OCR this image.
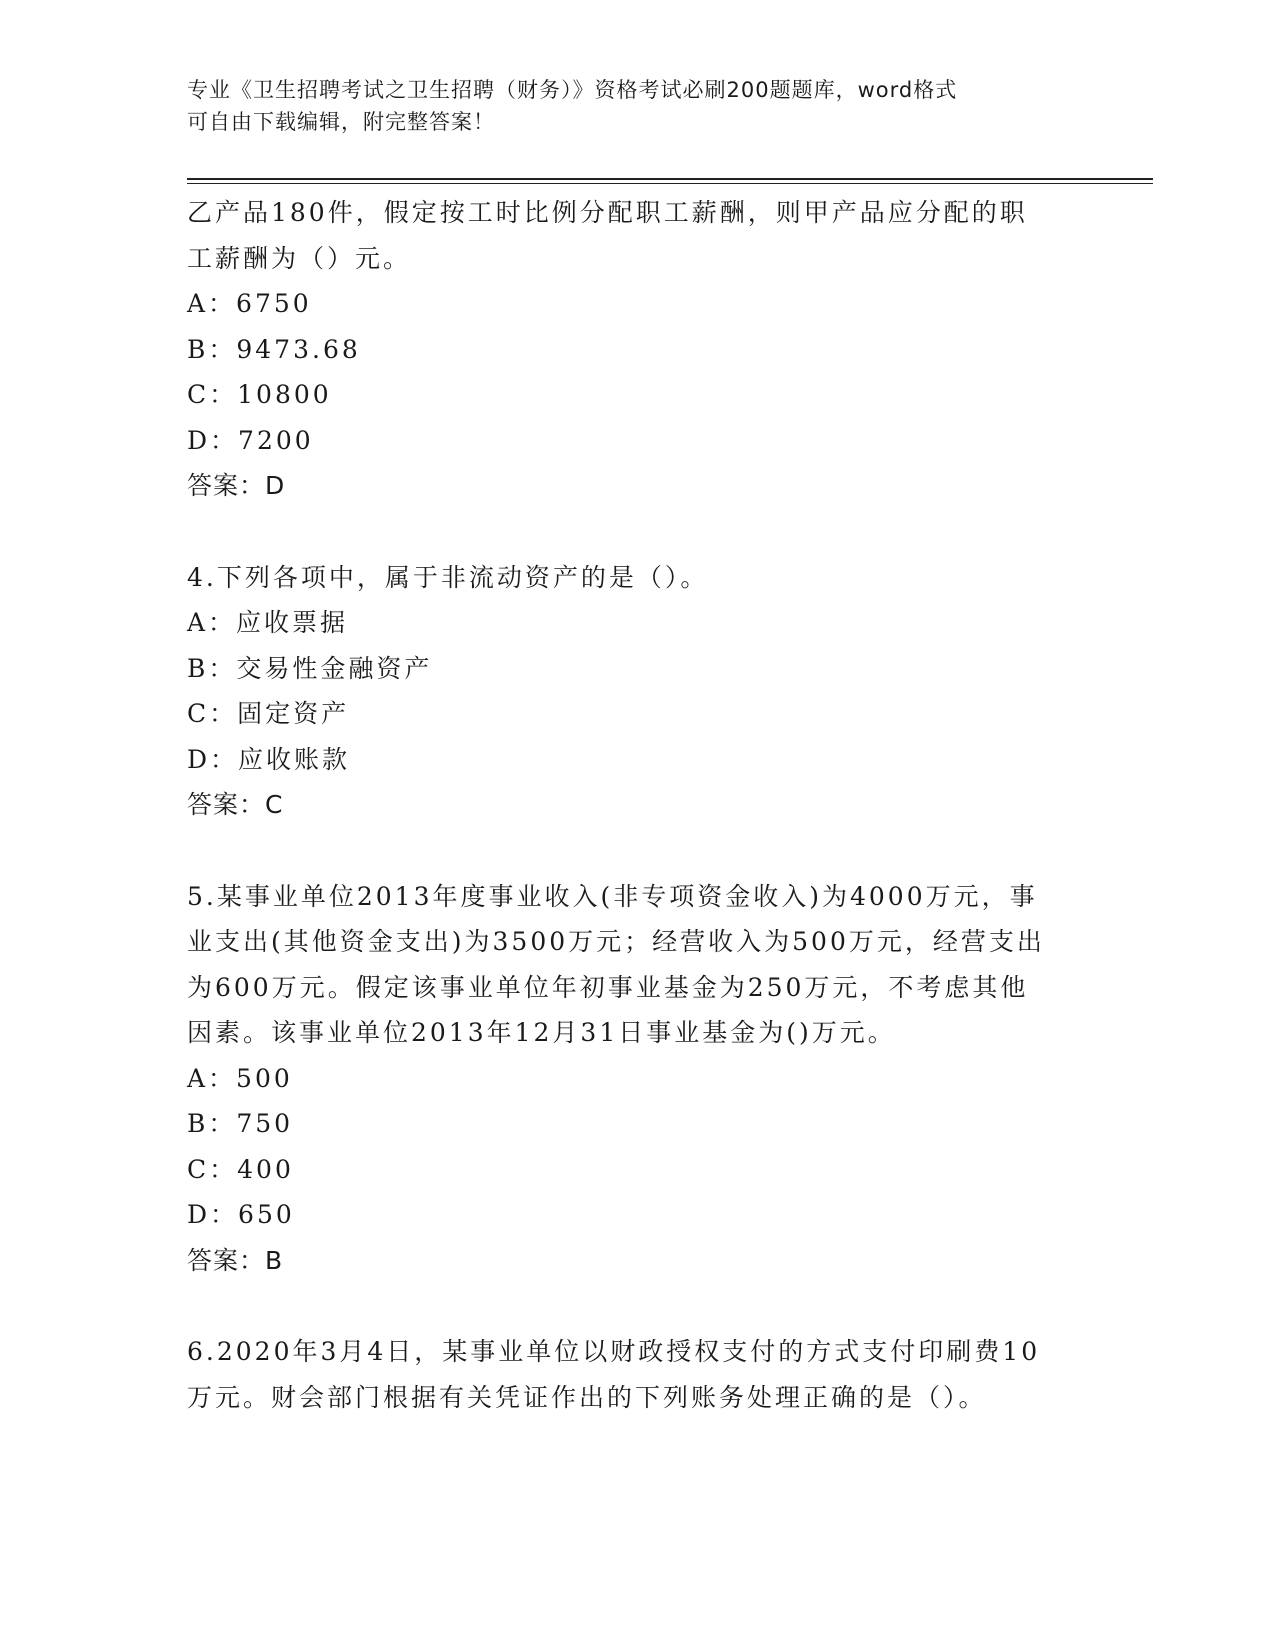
专业《卫生招聘考试之卫生招聘（财务）》资格考试必刷200题题库，word格式
可自由下载编辑，附完整答案！
乙产品180件，假定按工时比例分配职工薪酬，则甲产品应分配的职
工薪酬为（）元。
A：6750
B：9473.68
C：10800
D：7200
答案：D
4.下列各项中，属于非流动资产的是（）。
A：应收票据
B：交易性金融资产
C：固定资产
D：应收账款
答案：C
5.某事业单位2013年度事业收入(非专项资金收入)为4000万元，事
业支出(其他资金支出)为3500万元；经营收入为500万元，经营支出
为600万元。假定该事业单位年初事业基金为250万元，不考虑其他
因素。该事业单位2013年12月31日事业基金为()万元。
A：500
B：750
C：400
D：650
答案：B
6.2020年3月4日，某事业单位以财政授权支付的方式支付印刷费10
万元。财会部门根据有关凭证作出的下列账务处理正确的是（）。
